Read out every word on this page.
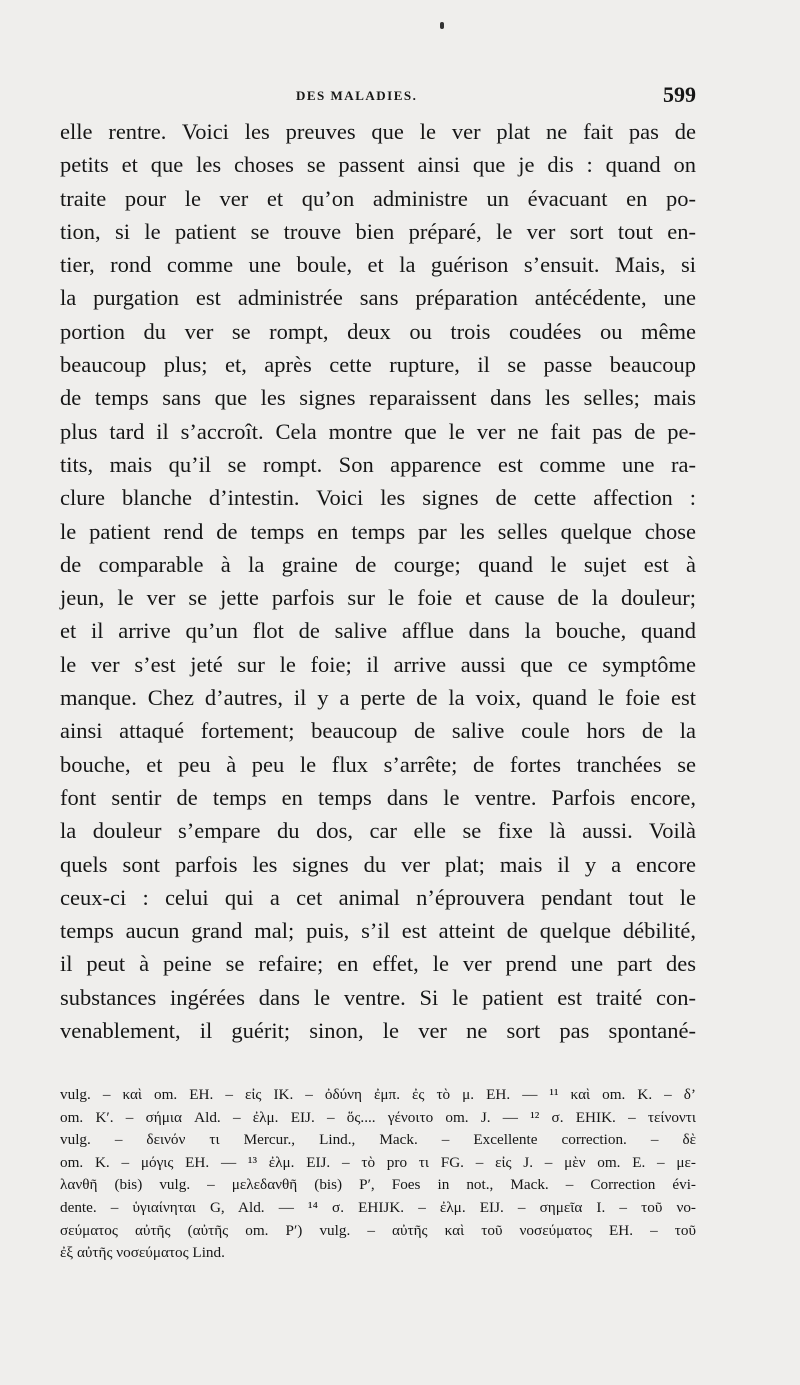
DES MALADIES.	599
elle rentre. Voici les preuves que le ver plat ne fait pas de
petits et que les choses se passent ainsi que je dis : quand on
traite pour le ver et qu’on administre un évacuant en po-
tion, si le patient se trouve bien préparé, le ver sort tout en-
tier, rond comme une boule, et la guérison s’ensuit. Mais, si
la purgation est administrée sans préparation antécédente, une
portion du ver se rompt, deux ou trois coudées ou même
beaucoup plus; et, après cette rupture, il se passe beaucoup
de temps sans que les signes reparaissent dans les selles; mais
plus tard il s’accroît. Cela montre que le ver ne fait pas de pe-
tits, mais qu’il se rompt. Son apparence est comme une ra-
clure blanche d’intestin. Voici les signes de cette affection :
le patient rend de temps en temps par les selles quelque chose
de comparable à la graine de courge; quand le sujet est à
jeun, le ver se jette parfois sur le foie et cause de la douleur;
et il arrive qu’un flot de salive afflue dans la bouche, quand
le ver s’est jeté sur le foie; il arrive aussi que ce symptôme
manque. Chez d’autres, il y a perte de la voix, quand le foie est
ainsi attaqué fortement; beaucoup de salive coule hors de la
bouche, et peu à peu le flux s’arrête; de fortes tranchées se
font sentir de temps en temps dans le ventre. Parfois encore,
la douleur s’empare du dos, car elle se fixe là aussi. Voilà
quels sont parfois les signes du ver plat; mais il y a encore
ceux-ci : celui qui a cet animal n’éprouvera pendant tout le
temps aucun grand mal; puis, s’il est atteint de quelque débilité,
il peut à peine se refaire; en effet, le ver prend une part des
substances ingérées dans le ventre. Si le patient est traité con-
venablement, il guérit; sinon, le ver ne sort pas spontané-
vulg. – καὶ om. EH. – εἰς IK. – ὀδύνη ἐμπ. ἐς τὸ μ. EH. — ¹¹ καὶ om. K. – δ’
om. K′. – σήμια Ald. – ἐλμ. EIJ. – ὅς.... γένοιτο om. J. — ¹² σ. EHIK. – τείνοντι
vulg. – δεινόν τι Mercur., Lind., Mack. – Excellente correction. – δὲ
om. K. – μόγις EH. — ¹³ ἐλμ. EIJ. – τὸ pro τι FG. – εἰς J. – μὲν om. E. – με-
λανθῆ (bis) vulg. – μελεδανθῆ (bis) P′, Foes in not., Mack. – Correction évi-
dente. – ὑγιαίνηται G, Ald. — ¹⁴ σ. EHIJK. – ἐλμ. EIJ. – σημεῖα I. – τοῦ νο-
σεύματος αὐτῆς (αὐτῆς om. P′) vulg. – αὐτῆς καὶ τοῦ νοσεύματος EH. – τοῦ
ἐξ αὐτῆς νοσεύματος Lind.
